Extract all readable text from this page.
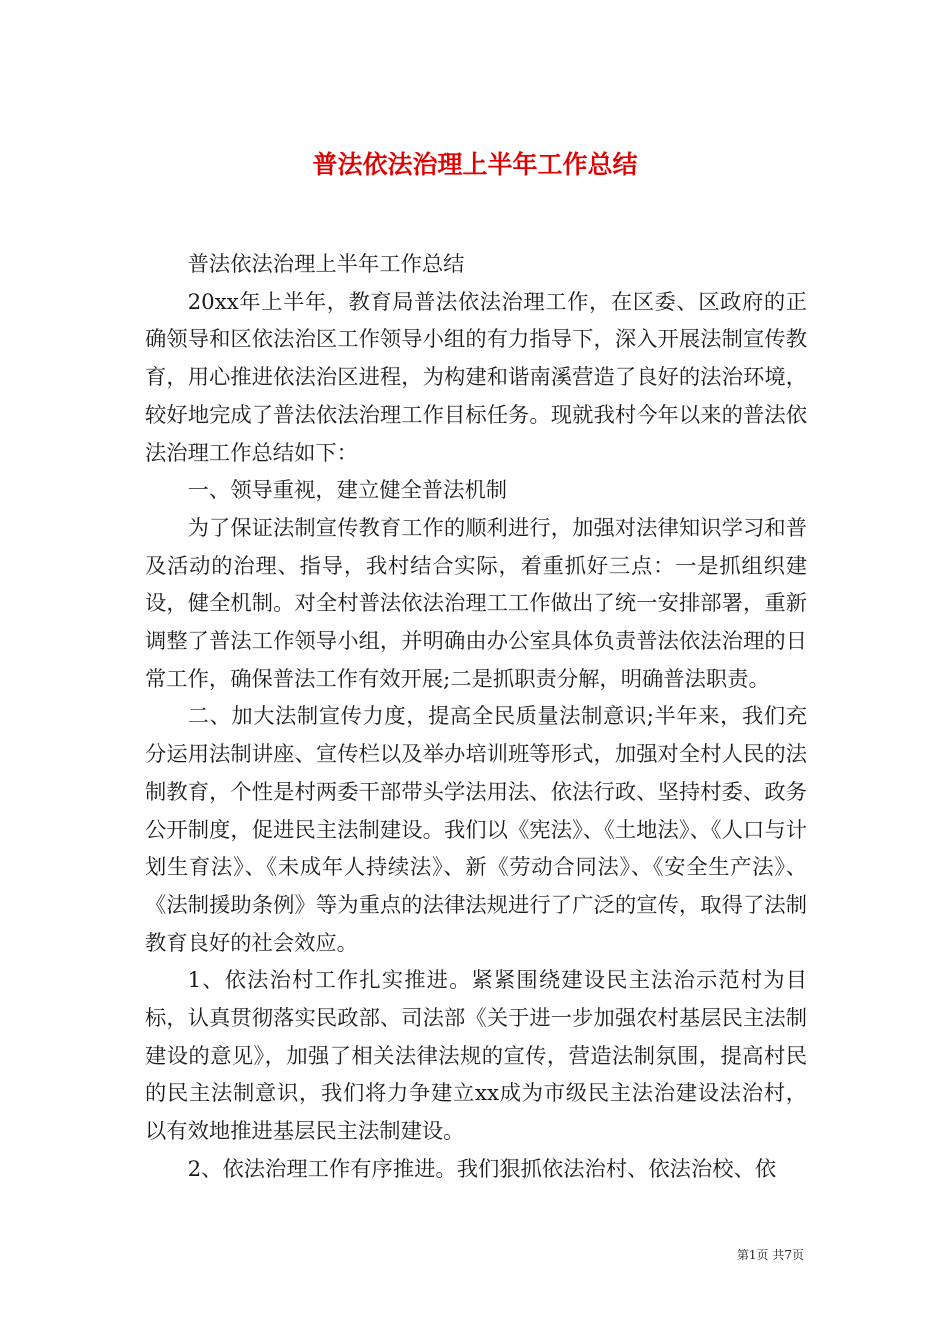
普法依法治理上半年工作总结

普法依法治理上半年工作总结

20xx年上半年，教育局普法依法治理工作，在区委、区政府的正确领导和区依法治区工作领导小组的有力指导下，深入开展法制宣传教育，用心推进依法治区进程，为构建和谐南溪营造了良好的法治环境，较好地完成了普法依法治理工作目标任务。现就我村今年以来的普法依法治理工作总结如下：

一、领导重视，建立健全普法机制

为了保证法制宣传教育工作的顺利进行，加强对法律知识学习和普及活动的治理、指导，我村结合实际，着重抓好三点：一是抓组织建设，健全机制。对全村普法依法治理工工作做出了统一安排部署，重新调整了普法工作领导小组，并明确由办公室具体负责普法依法治理的日常工作，确保普法工作有效开展;二是抓职责分解，明确普法职责。

二、加大法制宣传力度，提高全民质量法制意识;半年来，我们充分运用法制讲座、宣传栏以及举办培训班等形式，加强对全村人民的法制教育，个性是村两委干部带头学法用法、依法行政、坚持村委、政务公开制度，促进民主法制建设。我们以《宪法》、《土地法》、《人口与计划生育法》、《未成年人持续法》、新《劳动合同法》、《安全生产法》、《法制援助条例》等为重点的法律法规进行了广泛的宣传，取得了法制教育良好的社会效应。

1、依法治村工作扎实推进。紧紧围绕建设民主法治示范村为目标，认真贯彻落实民政部、司法部《关于进一步加强农村基层民主法制建设的意见》，加强了相关法律法规的宣传，营造法制氛围，提高村民的民主法制意识，我们将力争建立xx成为市级民主法治建设法治村，以有效地推进基层民主法制建设。

2、依法治理工作有序推进。我们狠抓依法治村、依法治校、依

第1页 共7页
